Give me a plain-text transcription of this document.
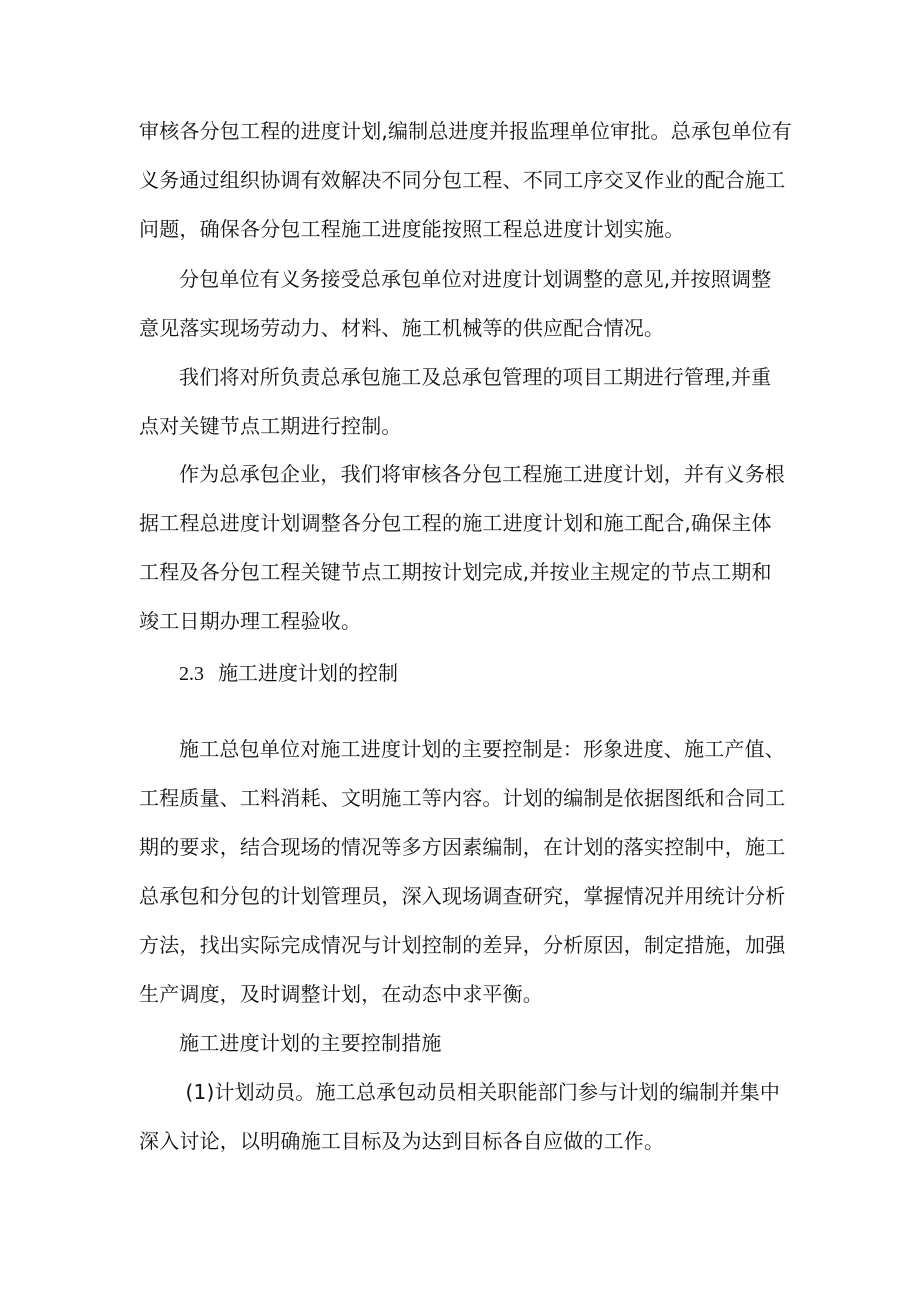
审核各分包工程的进度计划,编制总进度并报监理单位审批。总承包单位有
义务通过组织协调有效解决不同分包工程、不同工序交叉作业的配合施工
问题，确保各分包工程施工进度能按照工程总进度计划实施。
分包单位有义务接受总承包单位对进度计划调整的意见,并按照调整
意见落实现场劳动力、材料、施工机械等的供应配合情况。
我们将对所负责总承包施工及总承包管理的项目工期进行管理,并重
点对关键节点工期进行控制。
作为总承包企业，我们将审核各分包工程施工进度计划，并有义务根
据工程总进度计划调整各分包工程的施工进度计划和施工配合,确保主体
工程及各分包工程关键节点工期按计划完成,并按业主规定的节点工期和
竣工日期办理工程验收。
2.3 施工进度计划的控制
施工总包单位对施工进度计划的主要控制是：形象进度、施工产值、
工程质量、工料消耗、文明施工等内容。计划的编制是依据图纸和合同工
期的要求，结合现场的情况等多方因素编制，在计划的落实控制中，施工
总承包和分包的计划管理员，深入现场调查研究，掌握情况并用统计分析
方法，找出实际完成情况与计划控制的差异，分析原因，制定措施，加强
生产调度，及时调整计划，在动态中求平衡。
施工进度计划的主要控制措施
(1)计划动员。施工总承包动员相关职能部门参与计划的编制并集中
深入讨论，以明确施工目标及为达到目标各自应做的工作。
